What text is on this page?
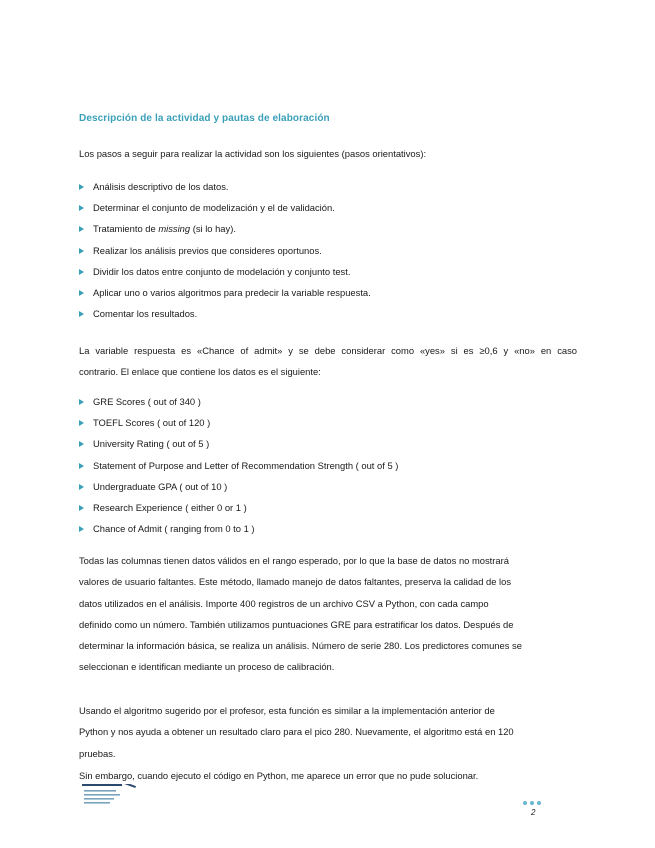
Descripción de la actividad y pautas de elaboración
Los pasos a seguir para realizar la actividad son los siguientes (pasos orientativos):
Análisis descriptivo de los datos.
Determinar el conjunto de modelización y el de validación.
Tratamiento de missing (si lo hay).
Realizar los análisis previos que consideres oportunos.
Dividir los datos entre conjunto de modelación y conjunto test.
Aplicar uno o varios algoritmos para predecir la variable respuesta.
Comentar los resultados.

La variable respuesta es «Chance of admit» y se debe considerar como «yes» si es ≥0,6 y «no» en caso
contrario. El enlace que contiene los datos es el siguiente:

GRE Scores ( out of 340 )
TOEFL Scores ( out of 120 )
University Rating ( out of 5 )
Statement of Purpose and Letter of Recommendation Strength ( out of 5 )
Undergraduate GPA ( out of 10 )
Research Experience ( either 0 or 1 )
Chance of Admit ( ranging from 0 to 1 )

Todas las columnas tienen datos válidos en el rango esperado, por lo que la base de datos no mostrará
valores de usuario faltantes. Este método, llamado manejo de datos faltantes, preserva la calidad de los
datos utilizados en el análisis. Importe 400 registros de un archivo CSV a Python, con cada campo
definido como un número. También utilizamos puntuaciones GRE para estratificar los datos. Después de
determinar la información básica, se realiza un análisis. Número de serie 280. Los predictores comunes se
seleccionan e identifican mediante un proceso de calibración.

Usando el algoritmo sugerido por el profesor, esta función es similar a la implementación anterior de
Python y nos ayuda a obtener un resultado claro para el pico 280. Nuevamente, el algoritmo está en 120
pruebas.

Sin embargo, cuando ejecuto el código en Python, me aparece un error que no pude solucionar.

2
